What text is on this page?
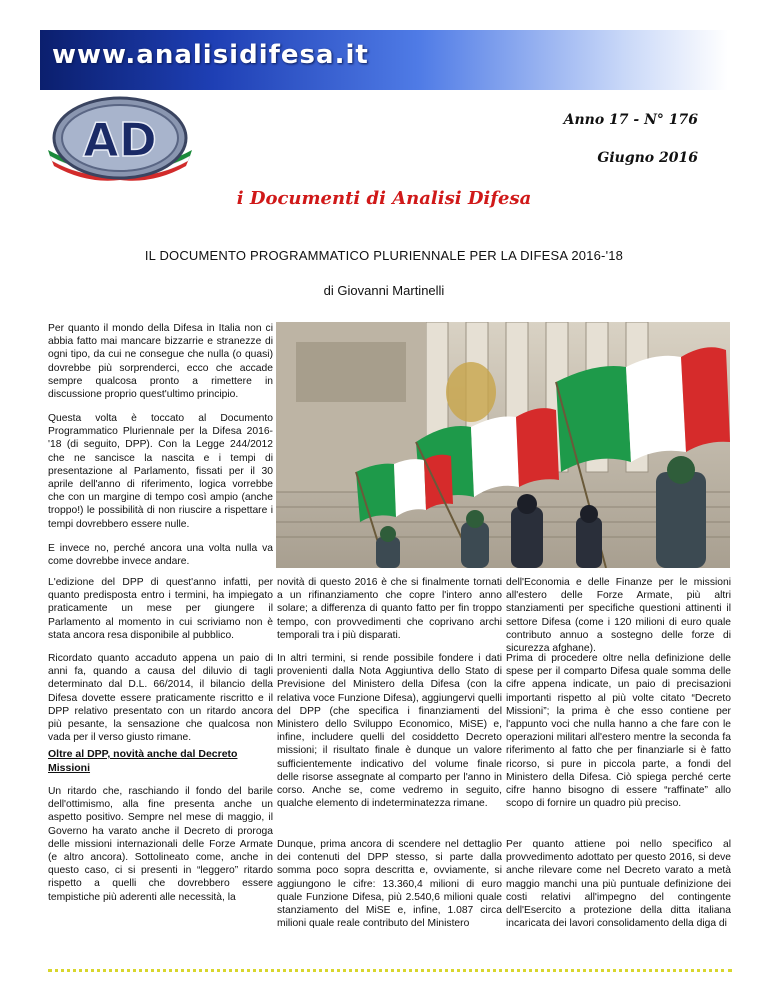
www.analisidifesa.it
AD	Anno 17 - N° 176
Giugno 2016
i Documenti di Analisi Difesa
IL DOCUMENTO PROGRAMMATICO PLURIENNALE PER LA DIFESA 2016-'18
di Giovanni Martinelli

Per quanto il mondo della Difesa in Italia non ci abbia fatto mai mancare bizzarrie e stranezze di ogni tipo, da cui ne consegue che nulla (o quasi) dovrebbe più sorprenderci, ecco che accade sempre qualcosa pronto a rimettere in discussione proprio quest'ultimo principio.

Questa volta è toccato al Documento Programmatico Pluriennale per la Difesa 2016-'18 (di seguito, DPP). Con la Legge 244/2012 che ne sancisce la nascita e i tempi di presentazione al Parlamento, fissati per il 30 aprile dell'anno di riferimento, logica vorrebbe che con un margine di tempo così ampio (anche troppo!) le possibilità di non riuscire a rispettare i tempi dovrebbero essere nulle.

E invece no, perché ancora una volta nulla va come dovrebbe invece andare.

L'edizione del DPP di quest'anno infatti, per quanto predisposta entro i termini, ha impiegato praticamente un mese per giungere il Parlamento al momento in cui scriviamo non è stata ancora resa disponibile al pubblico.

Ricordato quanto accaduto appena un paio di anni fa, quando a causa del diluvio di tagli determinato dal D.L. 66/2014, il bilancio della Difesa dovette essere praticamente riscritto e il DPP relativo presentato con un ritardo ancora più pesante, la sensazione che qualcosa non vada per il verso giusto rimane.

Oltre al DPP, novità anche dal Decreto Missioni

Un ritardo che, raschiando il fondo del barile dell'ottimismo, alla fine presenta anche un aspetto positivo. Sempre nel mese di maggio, il Governo ha varato anche il Decreto di proroga delle missioni internazionali delle Forze Armate (e altro ancora). Sottolineato come, anche in questo caso, ci si presenti in “leggero” ritardo rispetto a quelli che dovrebbero essere tempistiche più aderenti alle necessità, la

novità di questo 2016 è che si finalmente tornati a un rifinanziamento che copre l'intero anno solare; a differenza di quanto fatto per fin troppo tempo, con provvedimenti che coprivano archi temporali tra i più disparati.

In altri termini, si rende possibile fondere i dati provenienti dalla Nota Aggiuntiva dello Stato di Previsione del Ministero della Difesa (con la relativa voce Funzione Difesa), aggiungervi quelli del DPP (che specifica i finanziamenti del Ministero dello Sviluppo Economico, MiSE) e, infine, includere quelli del cosiddetto Decreto missioni; il risultato finale è dunque un valore sufficientemente indicativo del volume finale delle risorse assegnate al comparto per l'anno in corso. Anche se, come vedremo in seguito, qualche elemento di indeterminatezza rimane.

Dunque, prima ancora di scendere nel dettaglio dei contenuti del DPP stesso, si parte dalla somma poco sopra descritta e, ovviamente, si aggiungono le cifre: 13.360,4 milioni di euro quale Funzione Difesa, più 2.540,6 milioni quale stanziamento del MiSE e, infine, 1.087 circa milioni quale reale contributo del Ministero

dell'Economia e delle Finanze per le missioni all'estero delle Forze Armate, più altri stanziamenti per specifiche questioni attinenti il settore Difesa (come i 120 milioni di euro quale contributo annuo a sostegno delle forze di sicurezza afghane).

Prima di procedere oltre nella definizione delle spese per il comparto Difesa quale somma delle cifre appena indicate, un paio di precisazioni importanti rispetto al più volte citato “Decreto Missioni”; la prima è che esso contiene per l'appunto voci che nulla hanno a che fare con le operazioni militari all'estero mentre la seconda fa riferimento al fatto che per finanziarle si è fatto ricorso, si pure in piccola parte, a fondi del Ministero della Difesa. Ciò spiega perché certe cifre hanno bisogno di essere “raffinate” allo scopo di fornire un quadro più preciso.

Per quanto attiene poi nello specifico al provvedimento adottato per questo 2016, si deve anche rilevare come nel Decreto varato a metà maggio manchi una più puntuale definizione dei costi relativi all'impegno del contingente dell'Esercito a protezione della ditta italiana incaricata dei lavori consolidamento della diga di
